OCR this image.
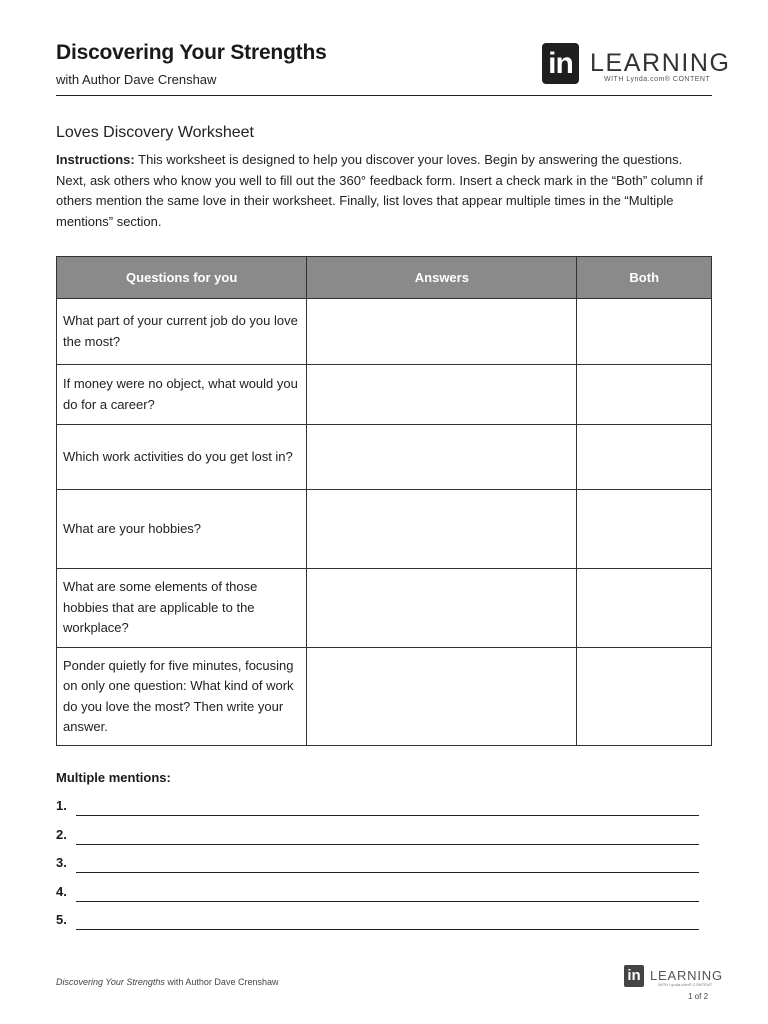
Discovering Your Strengths
with Author Dave Crenshaw	in LEARNING
WITH Lynda.com® CONTENT
Loves Discovery Worksheet
Instructions: This worksheet is designed to help you discover your loves. Begin by answering the questions. Next, ask others who know you well to fill out the 360° feedback form. Insert a check mark in the “Both” column if others mention the same love in their worksheet. Finally, list loves that appear multiple times in the “Multiple mentions” section.
Questions for you	Answers	Both
What part of your current job do you love the most?		
If money were no object, what would you do for a career?		
Which work activities do you get lost in?		
What are your hobbies?		
What are some elements of those hobbies that are applicable to the workplace?		
Ponder quietly for five minutes, focusing on only one question: What kind of work do you love the most? Then write your answer.		
Multiple mentions:
1.
2.
3.
4.
5.
Discovering Your Strengths with Author Dave Crenshaw	in LEARNING
WITH Lynda.com® CONTENT
1 of 2
